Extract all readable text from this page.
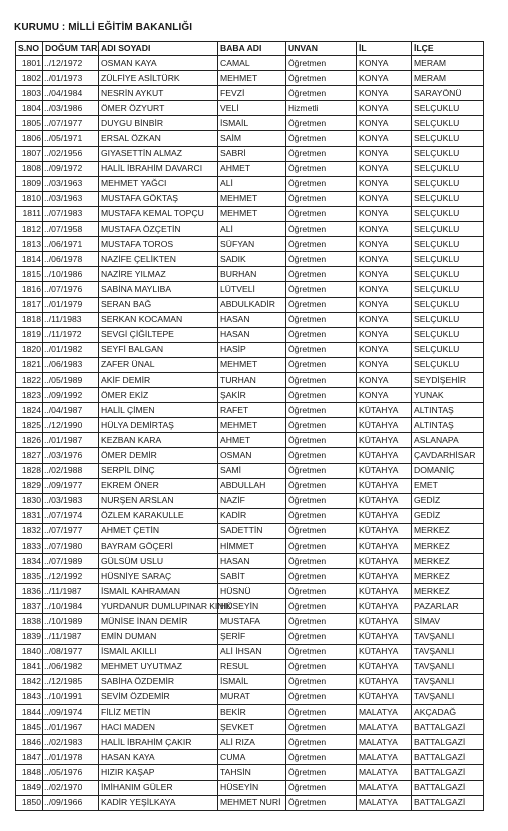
KURUMU : MİLLİ EĞİTİM BAKANLIĞI
S.NO	DOĞUM TAR.	ADI SOYADI	BABA ADI	UNVAN	İL	İLÇE
1801	../12/1972	OSMAN KAYA	CAMAL	Öğretmen	KONYA	MERAM
1802	../01/1973	ZÜLFİYE ASİLTÜRK	MEHMET	Öğretmen	KONYA	MERAM
1803	../04/1984	NESRİN AYKUT	FEVZİ	Öğretmen	KONYA	SARAYÖNÜ
1804	../03/1986	ÖMER ÖZYURT	VELİ	Hizmetli	KONYA	SELÇUKLU
1805	../07/1977	DUYGU BİNBİR	İSMAİL	Öğretmen	KONYA	SELÇUKLU
1806	../05/1971	ERSAL ÖZKAN	SAİM	Öğretmen	KONYA	SELÇUKLU
1807	../02/1956	GIYASETTİN ALMAZ	SABRİ	Öğretmen	KONYA	SELÇUKLU
1808	../09/1972	HALİL İBRAHİM DAVARCI	AHMET	Öğretmen	KONYA	SELÇUKLU
1809	../03/1963	MEHMET YAĞCI	ALİ	Öğretmen	KONYA	SELÇUKLU
1810	../03/1963	MUSTAFA GÖKTAŞ	MEHMET	Öğretmen	KONYA	SELÇUKLU
1811	../07/1983	MUSTAFA KEMAL TOPÇU	MEHMET	Öğretmen	KONYA	SELÇUKLU
1812	../07/1958	MUSTAFA ÖZÇETİN	ALİ	Öğretmen	KONYA	SELÇUKLU
1813	../06/1971	MUSTAFA TOROS	SÜFYAN	Öğretmen	KONYA	SELÇUKLU
1814	../06/1978	NAZİFE ÇELİKTEN	SADIK	Öğretmen	KONYA	SELÇUKLU
1815	../10/1986	NAZİRE YILMAZ	BURHAN	Öğretmen	KONYA	SELÇUKLU
1816	../07/1976	SABİNA MAYLIBA	LÜTVELİ	Öğretmen	KONYA	SELÇUKLU
1817	../01/1979	SERAN BAĞ	ABDULKADİR	Öğretmen	KONYA	SELÇUKLU
1818	../11/1983	SERKAN KOCAMAN	HASAN	Öğretmen	KONYA	SELÇUKLU
1819	../11/1972	SEVGİ ÇİĞİLTEPE	HASAN	Öğretmen	KONYA	SELÇUKLU
1820	../01/1982	SEYFİ BALGAN	HASİP	Öğretmen	KONYA	SELÇUKLU
1821	../06/1983	ZAFER ÜNAL	MEHMET	Öğretmen	KONYA	SELÇUKLU
1822	../05/1989	AKİF DEMİR	TURHAN	Öğretmen	KONYA	SEYDİŞEHİR
1823	../09/1992	ÖMER EKİZ	ŞAKİR	Öğretmen	KONYA	YUNAK
1824	../04/1987	HALİL ÇİMEN	RAFET	Öğretmen	KÜTAHYA	ALTINTAŞ
1825	../12/1990	HÜLYA DEMİRTAŞ	MEHMET	Öğretmen	KÜTAHYA	ALTINTAŞ
1826	../01/1987	KEZBAN KARA	AHMET	Öğretmen	KÜTAHYA	ASLANAPA
1827	../03/1976	ÖMER DEMİR	OSMAN	Öğretmen	KÜTAHYA	ÇAVDARHİSAR
1828	../02/1988	SERPİL DİNÇ	SAMİ	Öğretmen	KÜTAHYA	DOMANİÇ
1829	../09/1977	EKREM ÖNER	ABDULLAH	Öğretmen	KÜTAHYA	EMET
1830	../03/1983	NURŞEN ARSLAN	NAZİF	Öğretmen	KÜTAHYA	GEDİZ
1831	../07/1974	ÖZLEM KARAKULLE	KADİR	Öğretmen	KÜTAHYA	GEDİZ
1832	../07/1977	AHMET ÇETİN	SADETTİN	Öğretmen	KÜTAHYA	MERKEZ
1833	../07/1980	BAYRAM GÖÇERİ	HİMMET	Öğretmen	KÜTAHYA	MERKEZ
1834	../07/1989	GÜLSÜM USLU	HASAN	Öğretmen	KÜTAHYA	MERKEZ
1835	../12/1992	HÜSNİYE SARAÇ	SABİT	Öğretmen	KÜTAHYA	MERKEZ
1836	../11/1987	İSMAİL KAHRAMAN	HÜSNÜ	Öğretmen	KÜTAHYA	MERKEZ
1837	../10/1984	YURDANUR DUMLUPINAR KINIK	HÜSEYİN	Öğretmen	KÜTAHYA	PAZARLAR
1838	../10/1989	MÜNİSE İNAN DEMİR	MUSTAFA	Öğretmen	KÜTAHYA	SİMAV
1839	../11/1987	EMİN DUMAN	ŞERİF	Öğretmen	KÜTAHYA	TAVŞANLI
1840	../08/1977	İSMAİL AKILLI	ALİ İHSAN	Öğretmen	KÜTAHYA	TAVŞANLI
1841	../06/1982	MEHMET UYUTMAZ	RESUL	Öğretmen	KÜTAHYA	TAVŞANLI
1842	../12/1985	SABİHA ÖZDEMİR	İSMAİL	Öğretmen	KÜTAHYA	TAVŞANLI
1843	../10/1991	SEVİM ÖZDEMİR	MURAT	Öğretmen	KÜTAHYA	TAVŞANLI
1844	../09/1974	FİLİZ METİN	BEKİR	Öğretmen	MALATYA	AKÇADAĞ
1845	../01/1967	HACI MADEN	ŞEVKET	Öğretmen	MALATYA	BATTALGAZİ
1846	../02/1983	HALİL İBRAHİM ÇAKIR	ALİ RIZA	Öğretmen	MALATYA	BATTALGAZİ
1847	../01/1978	HASAN KAYA	CUMA	Öğretmen	MALATYA	BATTALGAZİ
1848	../05/1976	HIZIR KAŞAP	TAHSİN	Öğretmen	MALATYA	BATTALGAZİ
1849	../02/1970	İMİHANIM GÜLER	HÜSEYİN	Öğretmen	MALATYA	BATTALGAZİ
1850	../09/1966	KADİR YEŞİLKAYA	MEHMET NURİ	Öğretmen	MALATYA	BATTALGAZİ
